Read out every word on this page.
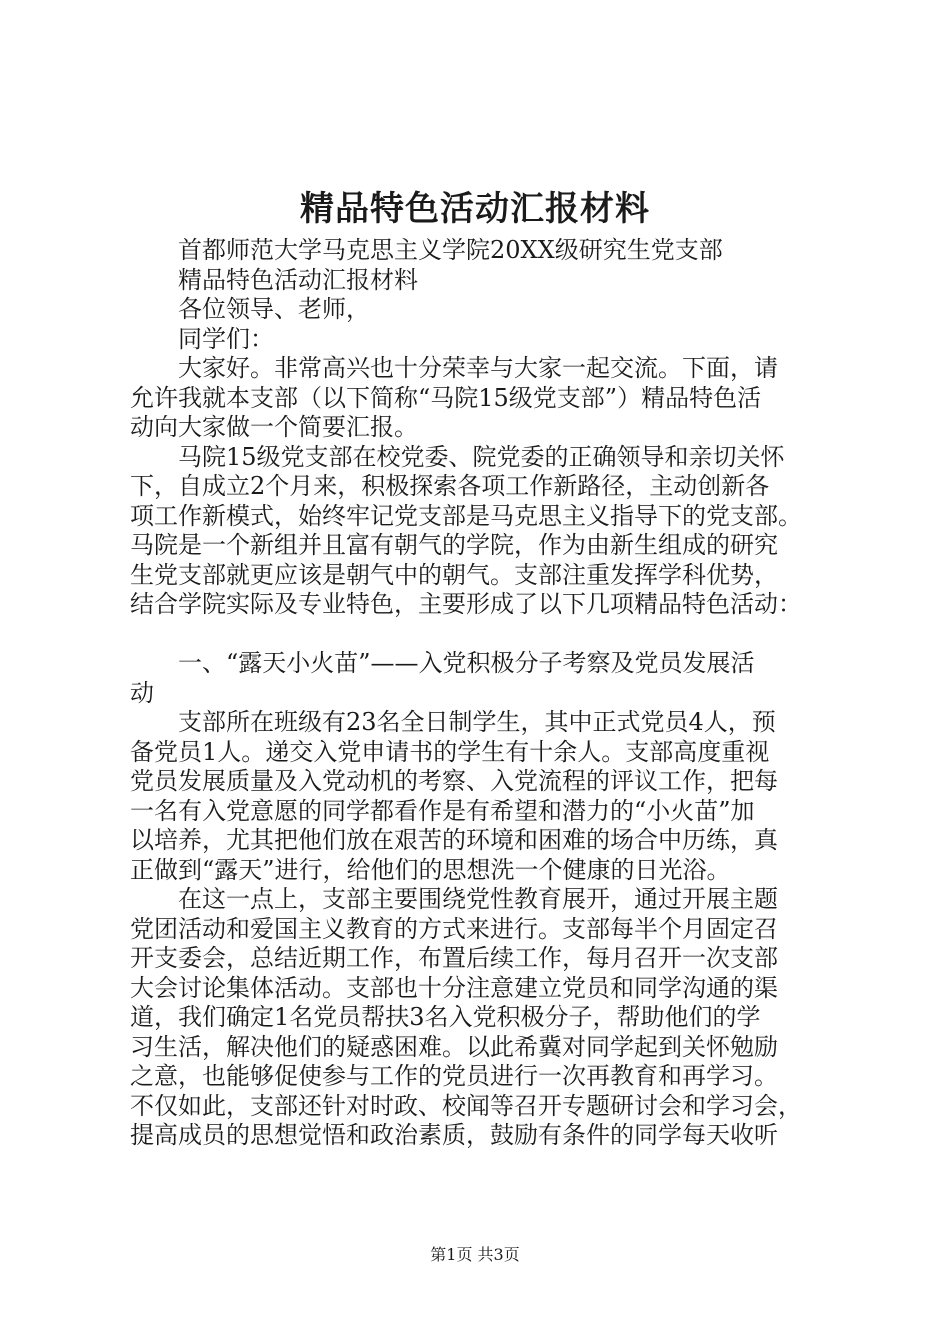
精品特色活动汇报材料
　　首都师范大学马克思主义学院20XX级研究生党支部
　　精品特色活动汇报材料
　　各位领导、老师，
　　同学们：
　　大家好。非常高兴也十分荣幸与大家一起交流。下面，请
允许我就本支部（以下简称“马院15级党支部”）精品特色活
动向大家做一个简要汇报。
　　马院15级党支部在校党委、院党委的正确领导和亲切关怀
下，自成立2个月来，积极探索各项工作新路径，主动创新各
项工作新模式，始终牢记党支部是马克思主义指导下的党支部。
马院是一个新组并且富有朝气的学院，作为由新生组成的研究
生党支部就更应该是朝气中的朝气。支部注重发挥学科优势，
结合学院实际及专业特色，主要形成了以下几项精品特色活动：
　　一、“露天小火苗”——入党积极分子考察及党员发展活
动
　　支部所在班级有23名全日制学生，其中正式党员4人，预
备党员1人。递交入党申请书的学生有十余人。支部高度重视
党员发展质量及入党动机的考察、入党流程的评议工作，把每
一名有入党意愿的同学都看作是有希望和潜力的“小火苗”加
以培养，尤其把他们放在艰苦的环境和困难的场合中历练，真
正做到“露天”进行，给他们的思想洗一个健康的日光浴。
　　在这一点上，支部主要围绕党性教育展开，通过开展主题
党团活动和爱国主义教育的方式来进行。支部每半个月固定召
开支委会，总结近期工作，布置后续工作，每月召开一次支部
大会讨论集体活动。支部也十分注意建立党员和同学沟通的渠
道，我们确定1名党员帮扶3名入党积极分子，帮助他们的学
习生活，解决他们的疑惑困难。以此希冀对同学起到关怀勉励
之意，也能够促使参与工作的党员进行一次再教育和再学习。
不仅如此，支部还针对时政、校闻等召开专题研讨会和学习会，
提高成员的思想觉悟和政治素质，鼓励有条件的同学每天收听
第1页 共3页
